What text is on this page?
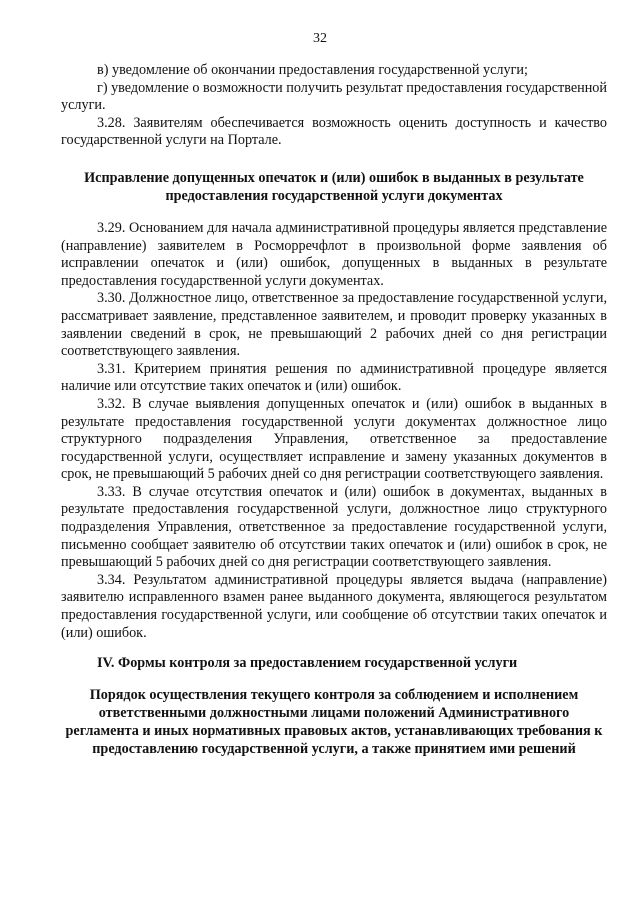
32

в) уведомление об окончании предоставления государственной услуги;

г) уведомление о возможности получить результат предоставления государственной услуги.

3.28. Заявителям обеспечивается возможность оценить доступность и качество государственной услуги на Портале.

Исправление допущенных опечаток и (или) ошибок в выданных в результате предоставления государственной услуги документах

3.29. Основанием для начала административной процедуры является представление (направление) заявителем в Росморречфлот в произвольной форме заявления об исправлении опечаток и (или) ошибок, допущенных в выданных в результате предоставления государственной услуги документах.

3.30. Должностное лицо, ответственное за предоставление государственной услуги, рассматривает заявление, представленное заявителем, и проводит проверку указанных в заявлении сведений в срок, не превышающий 2 рабочих дней со дня регистрации соответствующего заявления.

3.31. Критерием принятия решения по административной процедуре является наличие или отсутствие таких опечаток и (или) ошибок.

3.32. В случае выявления допущенных опечаток и (или) ошибок в выданных в результате предоставления государственной услуги документах должностное лицо структурного подразделения Управления, ответственное за предоставление государственной услуги, осуществляет исправление и замену указанных документов в срок, не превышающий 5 рабочих дней со дня регистрации соответствующего заявления.

3.33. В случае отсутствия опечаток и (или) ошибок в документах, выданных в результате предоставления государственной услуги, должностное лицо структурного подразделения Управления, ответственное за предоставление государственной услуги, письменно сообщает заявителю об отсутствии таких опечаток и (или) ошибок в срок, не превышающий 5 рабочих дней со дня регистрации соответствующего заявления.

3.34. Результатом административной процедуры является выдача (направление) заявителю исправленного взамен ранее выданного документа, являющегося результатом предоставления государственной услуги, или сообщение об отсутствии таких опечаток и (или) ошибок.

IV. Формы контроля за предоставлением государственной услуги

Порядок осуществления текущего контроля за соблюдением и исполнением ответственными должностными лицами положений Административного регламента и иных нормативных правовых актов, устанавливающих требования к предоставлению государственной услуги, а также принятием ими решений
